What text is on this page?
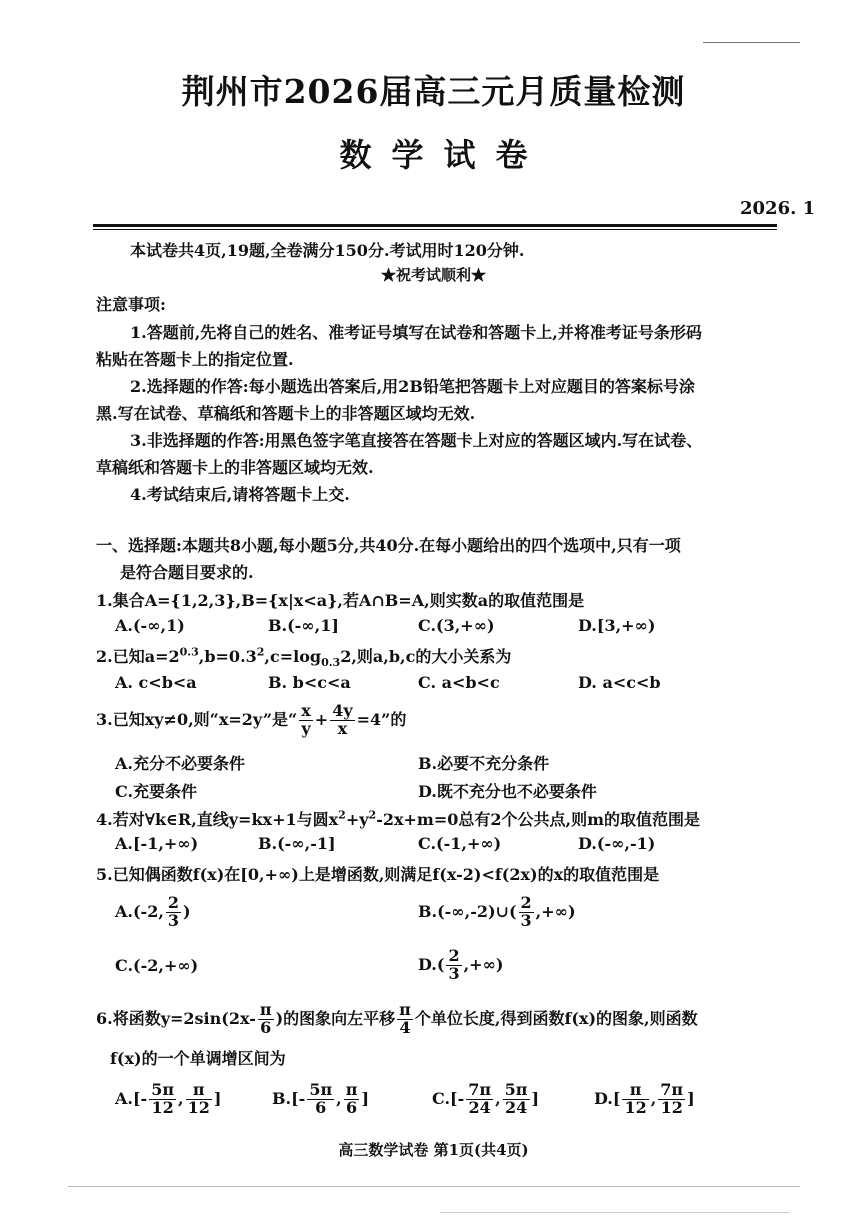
荆州市2026届高三元月质量检测
数学试卷
2026. 1
本试卷共4页,19题,全卷满分150分.考试用时120分钟.
★祝考试顺利★
注意事项:
1.答题前,先将自己的姓名、准考证号填写在试卷和答题卡上,并将准考证号条形码
粘贴在答题卡上的指定位置.
2.选择题的作答:每小题选出答案后,用2B铅笔把答题卡上对应题目的答案标号涂
黑.写在试卷、草稿纸和答题卡上的非答题区域均无效.
3.非选择题的作答:用黑色签字笔直接答在答题卡上对应的答题区域内.写在试卷、
草稿纸和答题卡上的非答题区域均无效.
4.考试结束后,请将答题卡上交.
一、选择题:本题共8小题,每小题5分,共40分.在每小题给出的四个选项中,只有一项
是符合题目要求的.
1.集合A={1,2,3},B={x|x<a},若A∩B=A,则实数a的取值范围是
A.(-∞,1)	B.(-∞,1]	C.(3,+∞)	D.[3,+∞)
2.已知$a=2^{0.3},b=0.3^2,c=\log_{0.3}2$,则a,b,c的大小关系为
A. c<b<a	B. b<c<a	C. a<b<c	D. a<c<b
3.已知xy≠0,则“x=2y”是“ $\frac{x}{y} + \frac{4y}{x} =4$”的
A.充分不必要条件	B.必要不充分条件
C.充要条件	D.既不充分也不必要条件
4.若对∀k∈R,直线y=kx+1与圆$x^2+y^2-2x+m=0$总有2个公共点,则m的取值范围是
A.[-1,+∞)	B.(-∞,-1]	C.(-1,+∞)	D.(-∞,-1)
5.已知偶函数f(x)在[0,+∞)上是增函数,则满足f(x-2)<f(2x)的x的取值范围是
A.(-2, $\frac{2}{3}$ )	B.(-∞,-2)∪( $\frac{2}{3}$ ,+∞)
C.(-2,+∞)	$D.( \frac{2}{3}$ ,+∞)
6.将函数$y=2\sin(2x- \frac{\pi}{6}$ )的图象向左平移 $\frac{\pi}{4}$ 个单位长度,得到函数f(x)的图象,则函数
f(x)的一个单调增区间为
$A.[- \frac{5\pi}{12}$ , $\frac{\pi}{12}$ ]	$B.[- \frac{5\pi}{6}$ , $\frac{\pi}{6}$ ]	$C.[- \frac{7\pi}{24}$ , $\frac{5\pi}{24}$ ]	$D.[ \frac{\pi}{12}$ , $\frac{7\pi}{12}$ ]
高三数学试卷 第1页(共4页)
